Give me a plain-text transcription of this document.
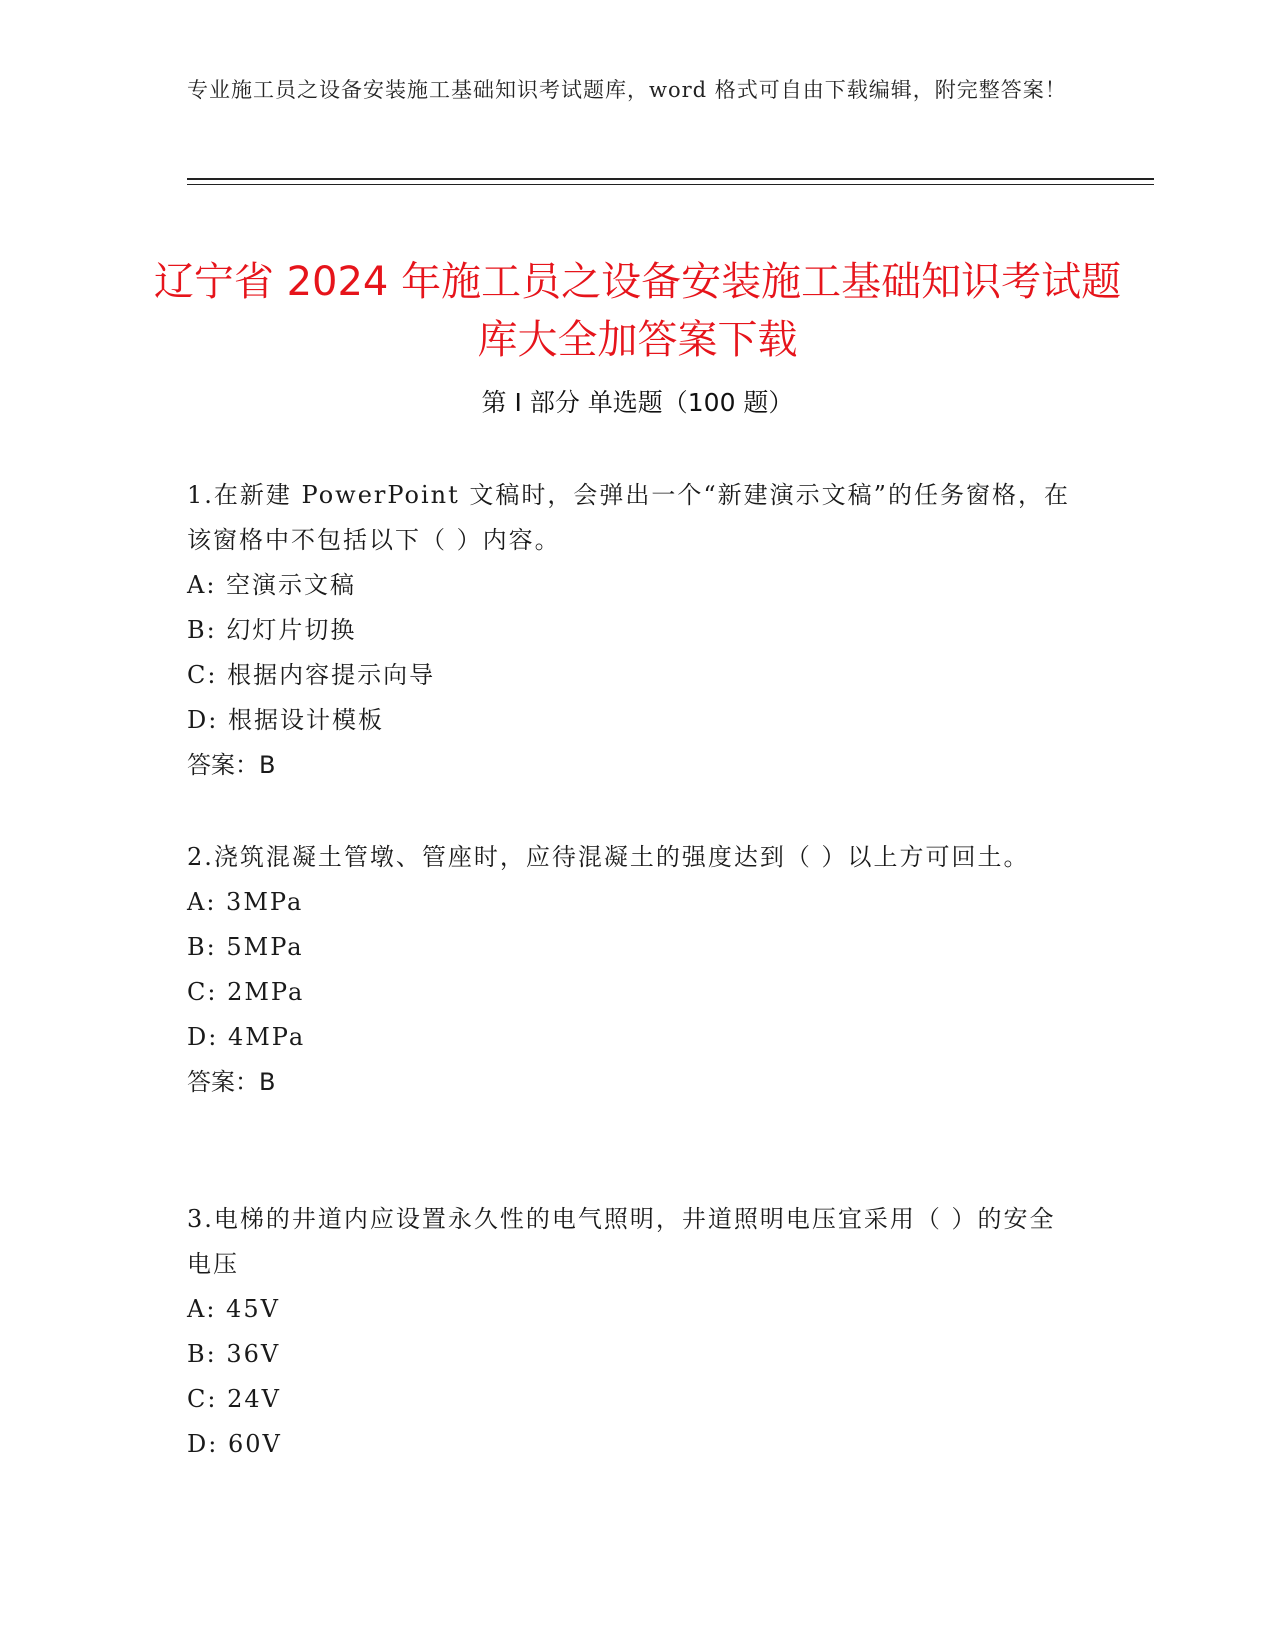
专业施工员之设备安装施工基础知识考试题库，word 格式可自由下载编辑，附完整答案！
辽宁省 2024 年施工员之设备安装施工基础知识考试题库大全加答案下载
第 I 部分 单选题（100 题）

1.在新建 PowerPoint 文稿时，会弹出一个“新建演示文稿”的任务窗格，在该窗格中不包括以下（ ）内容。

A: 空演示文稿

B: 幻灯片切换

C: 根据内容提示向导

D: 根据设计模板

答案：B

2.浇筑混凝土管墩、管座时，应待混凝土的强度达到（ ）以上方可回土。

A: 3MPa

B: 5MPa

C: 2MPa

D: 4MPa

答案：B

3.电梯的井道内应设置永久性的电气照明，井道照明电压宜采用（ ）的安全电压

A: 45V

B: 36V

C: 24V

D: 60V
